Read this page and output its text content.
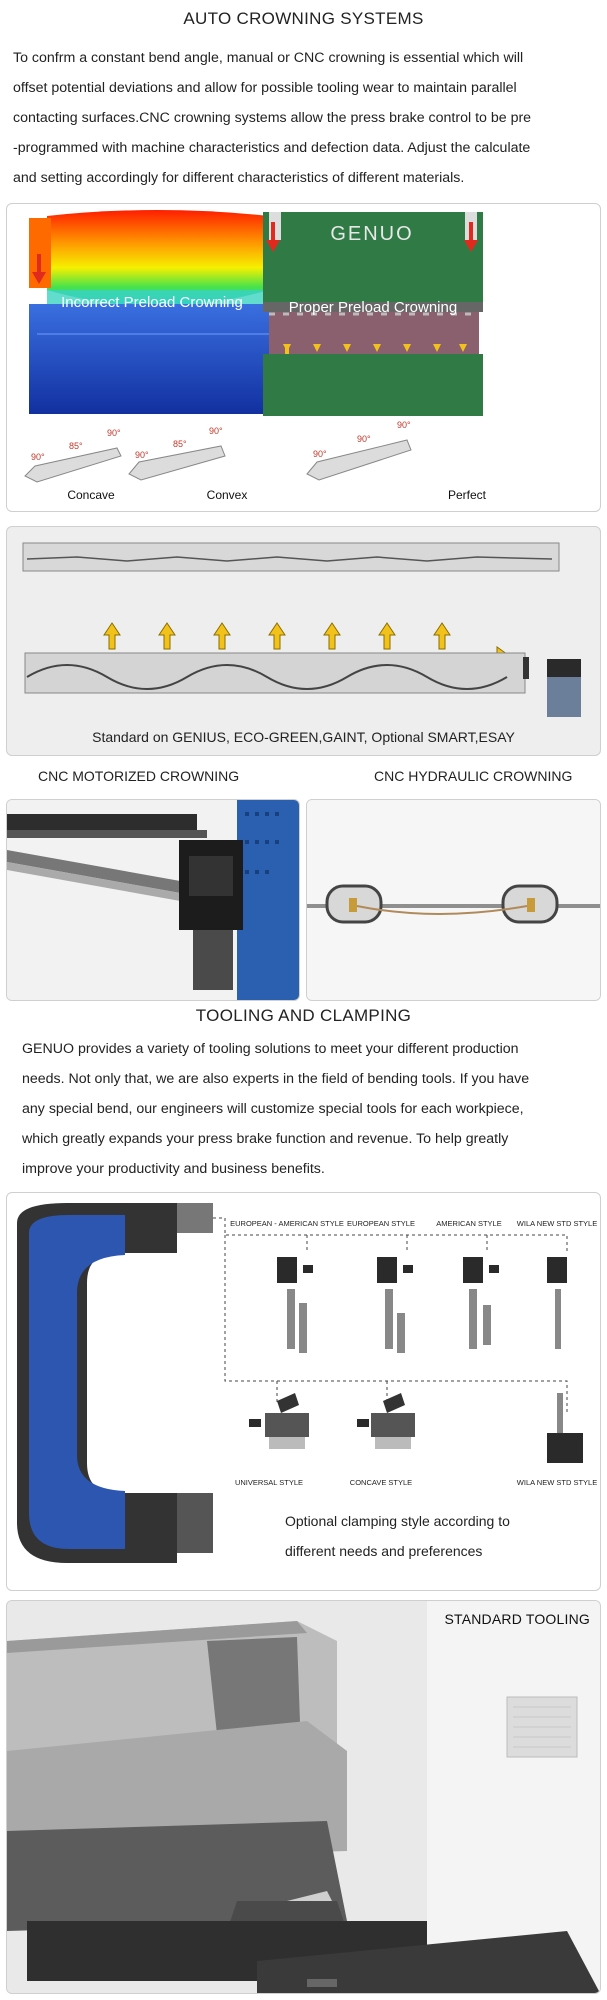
AUTO CROWNING SYSTEMS
To confrm a constant bend angle, manual or CNC crowning is essential which will
offset potential deviations and allow for possible tooling wear to maintain parallel
contacting surfaces.CNC crowning systems allow the press brake control to be pre
-programmed with machine characteristics and defection data. Adjust the calculate
and setting accordingly for different characteristics of different materials.
GENUO
Incorrect Preload Crowning	Proper Preload Crowning
90°
85°
90°
90°
85°
90°
90°
90°
90°
Concave	Convex	Perfect
Standard on GENIUS, ECO-GREEN,GAINT, Optional SMART,ESAY
CNC MOTORIZED CROWNING	CNC HYDRAULIC CROWNING
TOOLING AND CLAMPING
GENUO provides a variety of tooling solutions to meet your different production
needs. Not only that, we are also experts in the field of bending tools. If you have
any special bend, our engineers will customize special tools for each workpiece,
which greatly expands your press brake function and revenue. To help greatly
improve your productivity and business benefits.
EUROPEAN - AMERICAN STYLE EUROPEAN STYLE	AMERICAN STYLE WILA NEW STD STYLE
UNIVERSAL STYLE	CONCAVE STYLE	WILA NEW STD STYLE
Optional clamping style according to
different needs and preferences
STANDARD TOOLING
